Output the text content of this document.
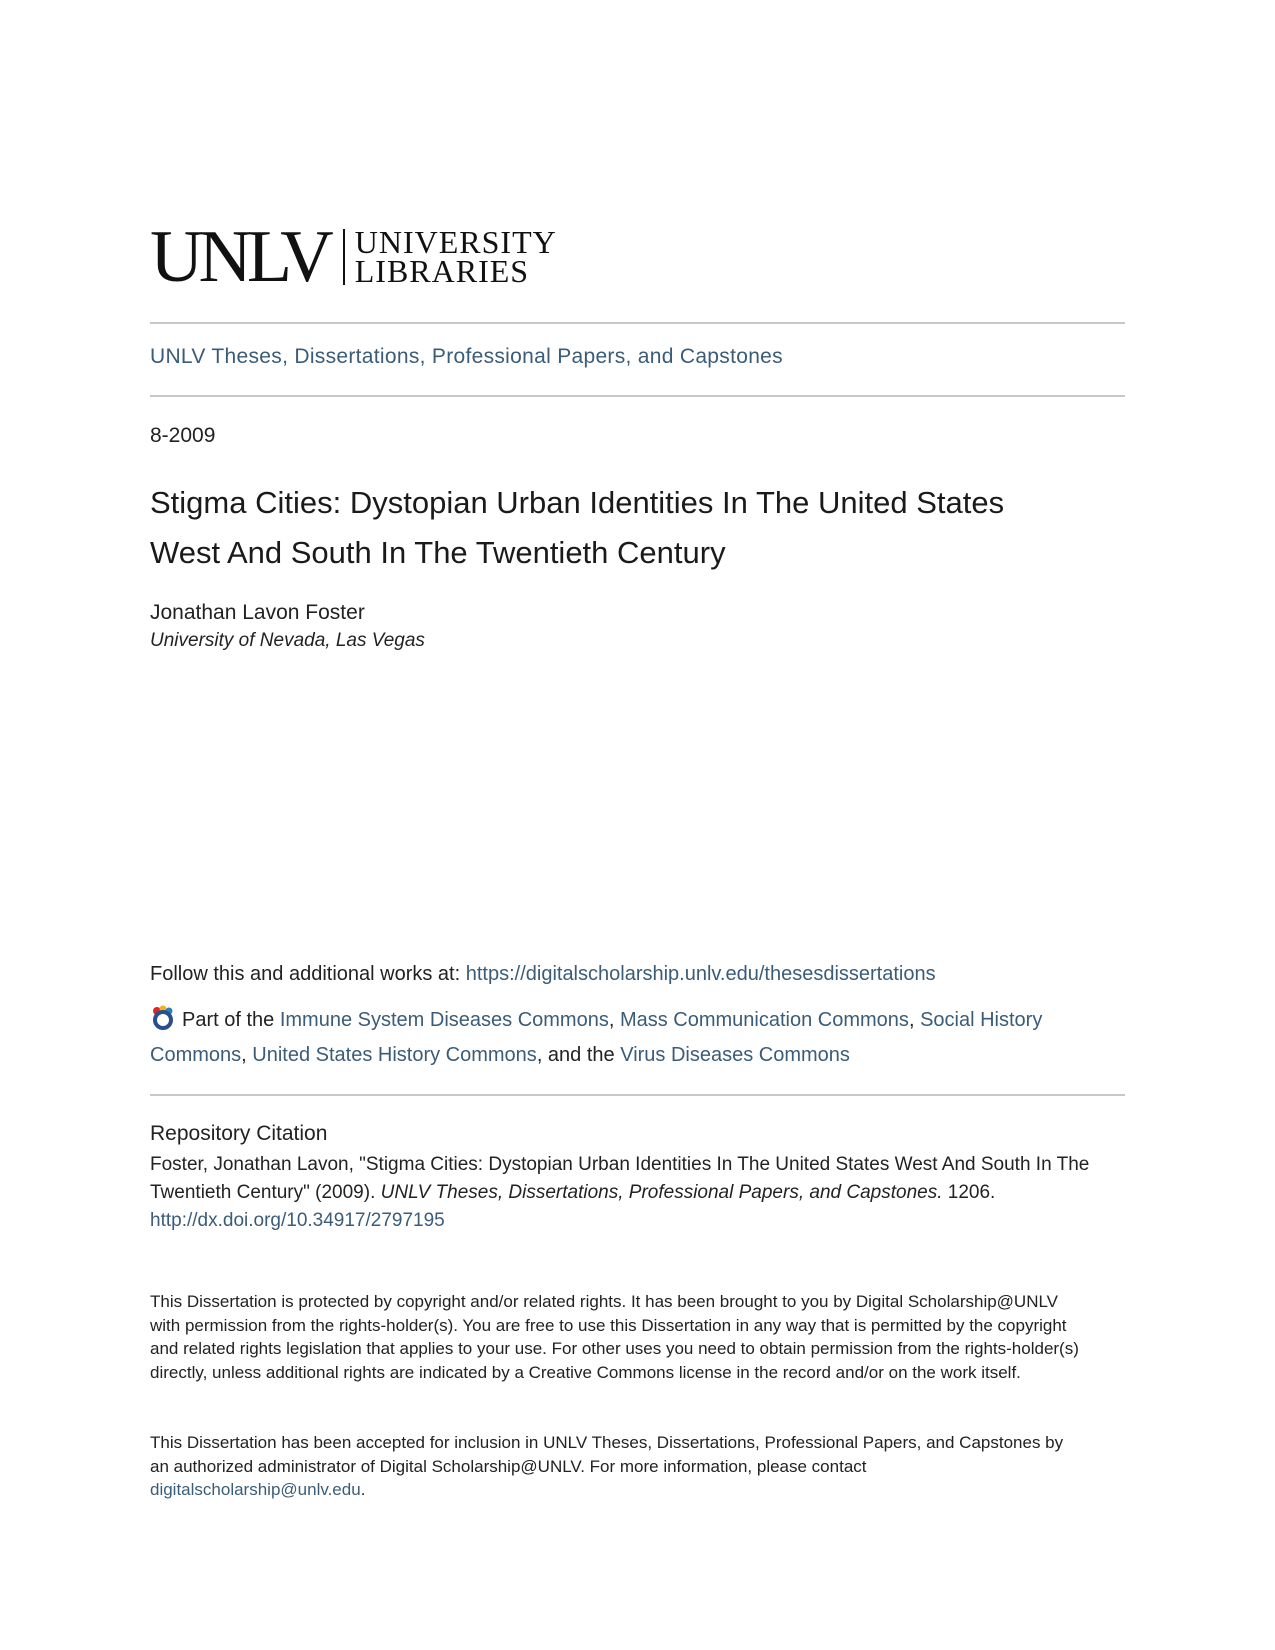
UNLV UNIVERSITY
LIBRARIES
UNLV Theses, Dissertations, Professional Papers, and Capstones
8-2009
Stigma Cities: Dystopian Urban Identities In The United States West And South In The Twentieth Century
Jonathan Lavon Foster
University of Nevada, Las Vegas
Follow this and additional works at: https://digitalscholarship.unlv.edu/thesesdissertations
Part of the Immune System Diseases Commons, Mass Communication Commons, Social History Commons, United States History Commons, and the Virus Diseases Commons
Repository Citation
Foster, Jonathan Lavon, "Stigma Cities: Dystopian Urban Identities In The United States West And South In The Twentieth Century" (2009). UNLV Theses, Dissertations, Professional Papers, and Capstones. 1206.
http://dx.doi.org/10.34917/2797195

This Dissertation is protected by copyright and/or related rights. It has been brought to you by Digital Scholarship@UNLV with permission from the rights-holder(s). You are free to use this Dissertation in any way that is permitted by the copyright and related rights legislation that applies to your use. For other uses you need to obtain permission from the rights-holder(s) directly, unless additional rights are indicated by a Creative Commons license in the record and/or on the work itself.

This Dissertation has been accepted for inclusion in UNLV Theses, Dissertations, Professional Papers, and Capstones by an authorized administrator of Digital Scholarship@UNLV. For more information, please contact digitalscholarship@unlv.edu.
